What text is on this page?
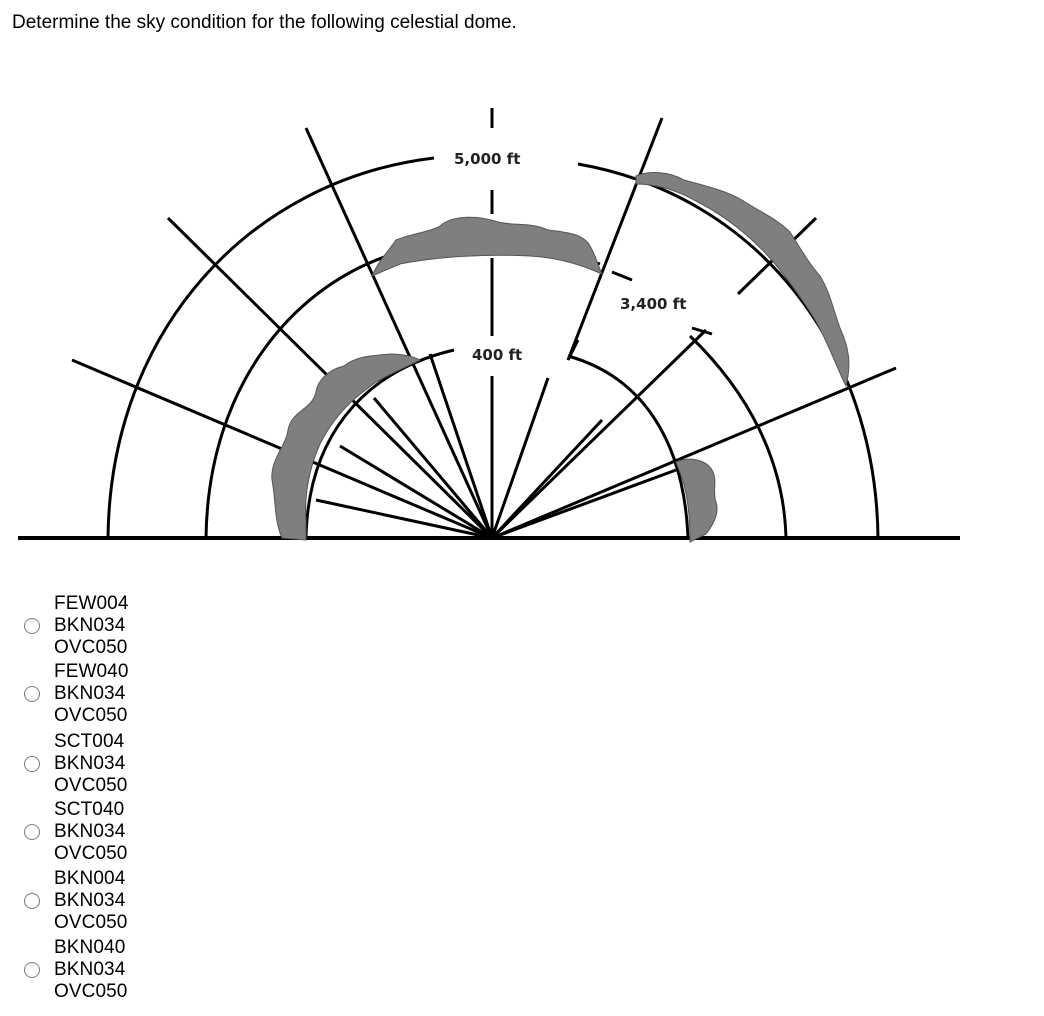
Determine the sky condition for the following celestial dome.
5,000 ft
3,400 ft
400 ft
FEW004 BKN034 OVC050
FEW040 BKN034 OVC050
SCT004 BKN034 OVC050
SCT040 BKN034 OVC050
BKN004 BKN034 OVC050
BKN040 BKN034 OVC050
